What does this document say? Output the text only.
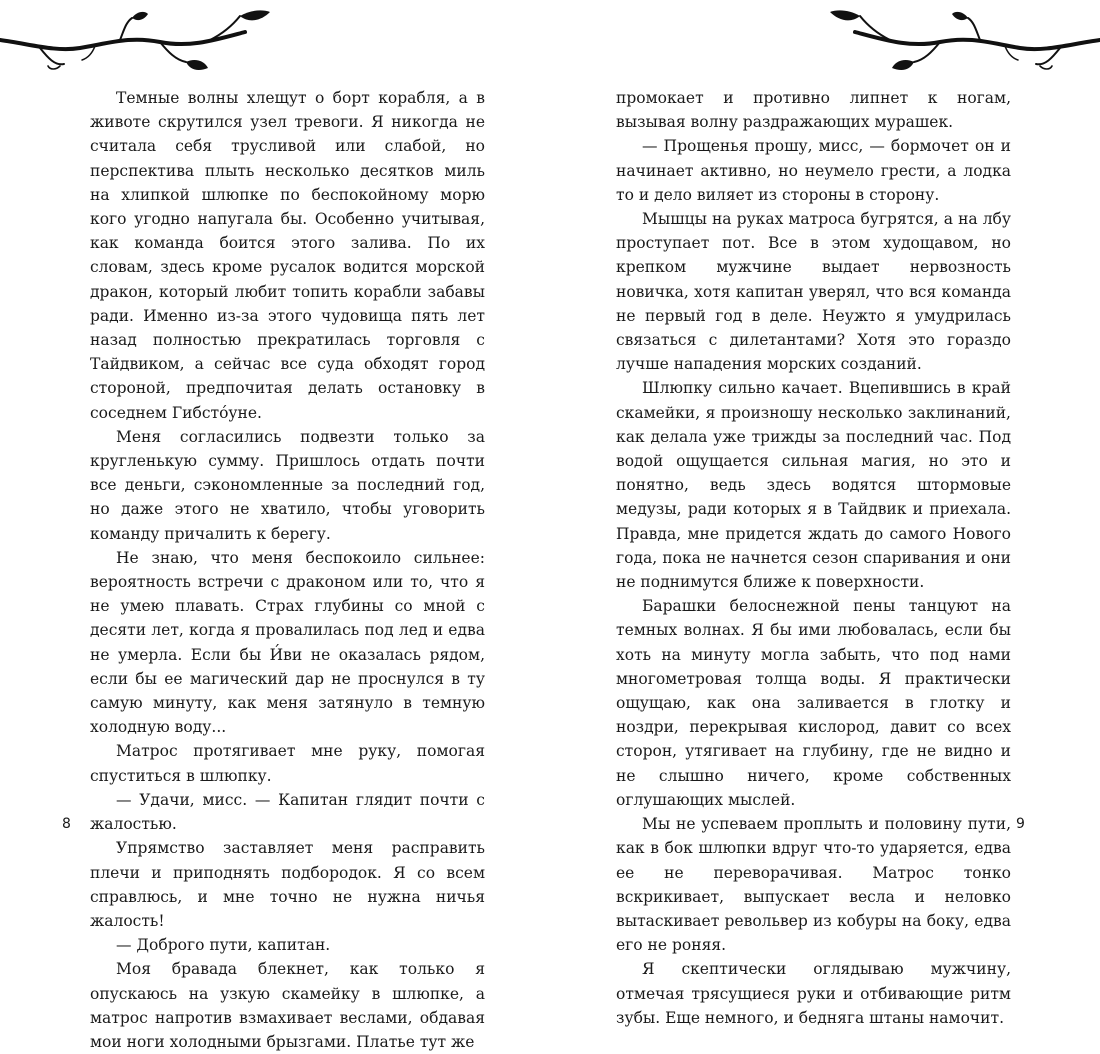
Темные волны хлещут о борт корабля, а в животе скрутился узел тревоги. Я никогда не считала себя трусливой или слабой, но перспектива плыть несколько десятков миль на хлипкой шлюпке по беспокойному морю кого угодно напугала бы. Особенно учитывая, как команда боится этого залива. По их словам, здесь кроме русалок водится морской дракон, который любит топить корабли забавы ради. Именно из-за этого чудовища пять лет назад полностью прекратилась торговля с Тайдвиком, а сейчас все суда обходят город стороной, предпочитая делать остановку в соседнем Гибстóуне.

Меня согласились подвезти только за кругленькую сумму. Пришлось отдать почти все деньги, сэкономленные за последний год, но даже этого не хватило, чтобы уговорить команду причалить к берегу.

Не знаю, что меня беспокоило сильнее: вероятность встречи с драконом или то, что я не умею плавать. Страх глубины со мной с десяти лет, когда я провалилась под лед и едва не умерла. Если бы И́ви не оказалась рядом, если бы ее магический дар не проснулся в ту самую минуту, как меня затянуло в темную холодную воду...

Матрос протягивает мне руку, помогая спуститься в шлюпку.

— Удачи, мисс. — Капитан глядит почти с жалостью.

Упрямство заставляет меня расправить плечи и приподнять подбородок. Я со всем справлюсь, и мне точно не нужна ничья жалость!

— Доброго пути, капитан.

Моя бравада блекнет, как только я опускаюсь на узкую скамейку в шлюпке, а матрос напротив взмахивает веслами, обдавая мои ноги холодными брызгами. Платье тут же

8

промокает и противно липнет к ногам, вызывая волну раздражающих мурашек.

— Прощенья прошу, мисс, — бормочет он и начинает активно, но неумело грести, а лодка то и дело виляет из стороны в сторону.

Мышцы на руках матроса бугрятся, а на лбу проступает пот. Все в этом худощавом, но крепком мужчине выдает нервозность новичка, хотя капитан уверял, что вся команда не первый год в деле. Неужто я умудрилась связаться с дилетантами? Хотя это гораздо лучше нападения морских созданий.

Шлюпку сильно качает. Вцепившись в край скамейки, я произношу несколько заклинаний, как делала уже трижды за последний час. Под водой ощущается сильная магия, но это и понятно, ведь здесь водятся штормовые медузы, ради которых я в Тайдвик и приехала. Правда, мне придется ждать до самого Нового года, пока не начнется сезон спаривания и они не поднимутся ближе к поверхности.

Барашки белоснежной пены танцуют на темных волнах. Я бы ими любовалась, если бы хоть на минуту могла забыть, что под нами многометровая толща воды. Я практически ощущаю, как она заливается в глотку и ноздри, перекрывая кислород, давит со всех сторон, утягивает на глубину, где не видно и не слышно ничего, кроме собственных оглушающих мыслей.

Мы не успеваем проплыть и половину пути, как в бок шлюпки вдруг что-то ударяется, едва ее не переворачивая. Матрос тонко вскрикивает, выпускает весла и неловко вытаскивает револьвер из кобуры на боку, едва его не роняя.

Я скептически оглядываю мужчину, отмечая трясущиеся руки и отбивающие ритм зубы. Еще немного, и бедняга штаны намочит.

9
